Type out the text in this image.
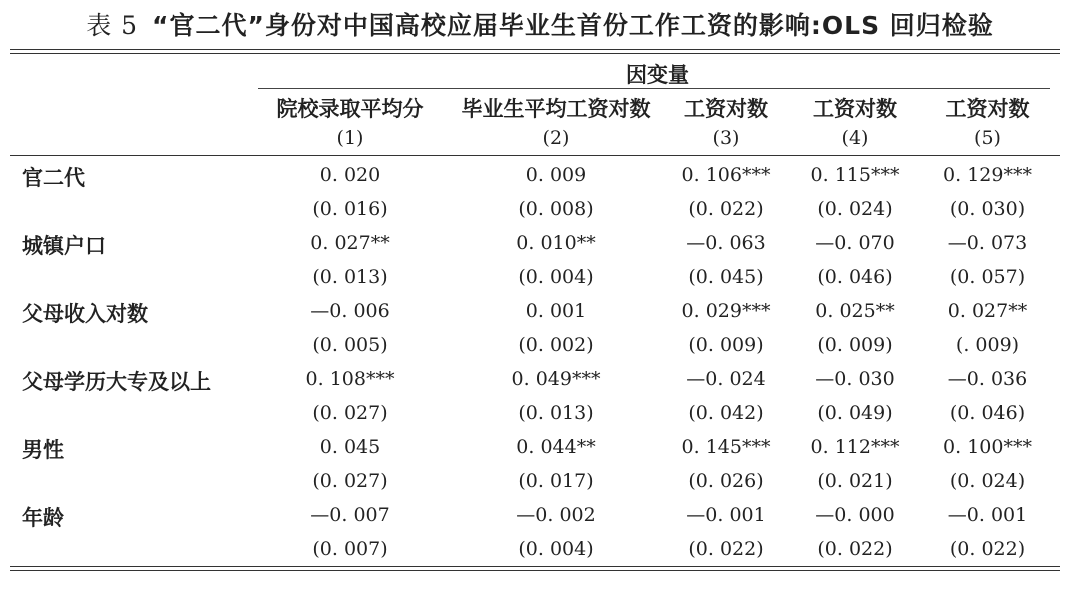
表 5 “官二代”身份对中国高校应届毕业生首份工作工资的影响:OLS 回归检验
因变量
院校录取平均分	毕业生平均工资对数	工资对数	工资对数	工资对数
(1)	(2)	(3)	(4)	(5)
官二代	0. 020	0. 009	0. 106***	0. 115***	0. 129***
(0. 016)	(0. 008)	(0. 022)	(0. 024)	(0. 030)
城镇户口	0. 027**	0. 010**	—0. 063	—0. 070	—0. 073
(0. 013)	(0. 004)	(0. 045)	(0. 046)	(0. 057)
父母收入对数	—0. 006	0. 001	0. 029***	0. 025**	0. 027**
(0. 005)	(0. 002)	(0. 009)	(0. 009)	(. 009)
父母学历大专及以上	0. 108***	0. 049***	—0. 024	—0. 030	—0. 036
(0. 027)	(0. 013)	(0. 042)	(0. 049)	(0. 046)
男性	0. 045	0. 044**	0. 145***	0. 112***	0. 100***
(0. 027)	(0. 017)	(0. 026)	(0. 021)	(0. 024)
年龄	—0. 007	—0. 002	—0. 001	—0. 000	—0. 001
(0. 007)	(0. 004)	(0. 022)	(0. 022)	(0. 022)
